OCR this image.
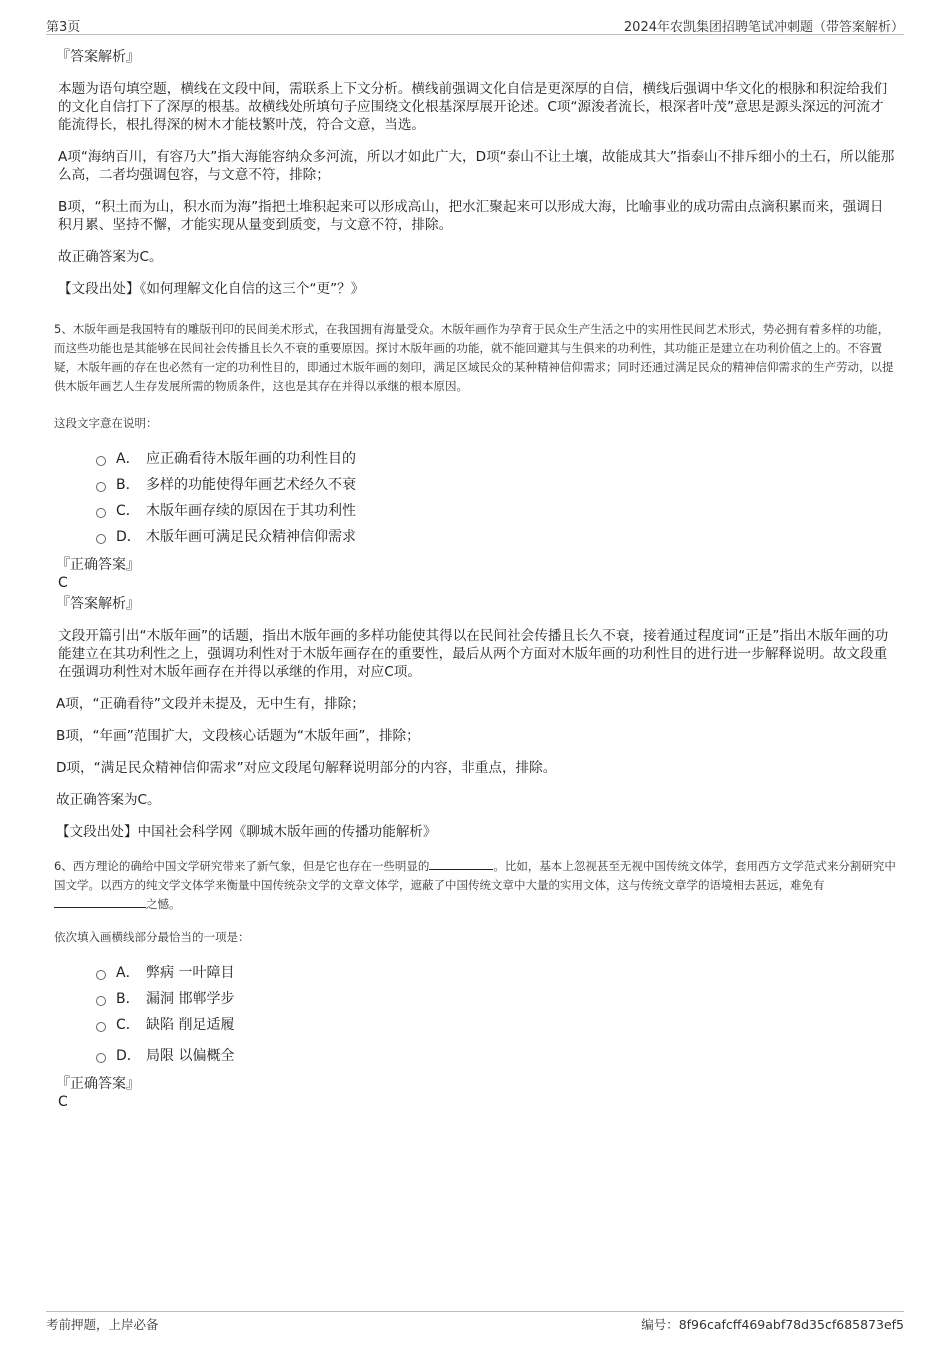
第3页	2024年农凯集团招聘笔试冲刺题（带答案解析）

『答案解析』

本题为语句填空题，横线在文段中间，需联系上下文分析。横线前强调文化自信是更深厚的自信，横线后强调中华文化的根脉和积淀给我们的文化自信打下了深厚的根基。故横线处所填句子应围绕文化根基深厚展开论述。C项“源浚者流长，根深者叶茂”意思是源头深远的河流才能流得长，根扎得深的树木才能枝繁叶茂，符合文意，当选。

A项“海纳百川，有容乃大”指大海能容纳众多河流，所以才如此广大，D项“泰山不让土壤，故能成其大”指泰山不排斥细小的土石，所以能那么高，二者均强调包容，与文意不符，排除；

B项，“积土而为山，积水而为海”指把土堆积起来可以形成高山，把水汇聚起来可以形成大海，比喻事业的成功需由点滴积累而来，强调日积月累、坚持不懈，才能实现从量变到质变，与文意不符，排除。

故正确答案为C。

【文段出处】《如何理解文化自信的这三个“更”？》

5、木版年画是我国特有的雕版刊印的民间美术形式，在我国拥有海量受众。木版年画作为孕育于民众生产生活之中的实用性民间艺术形式，势必拥有着多样的功能，而这些功能也是其能够在民间社会传播且长久不衰的重要原因。探讨木版年画的功能，就不能回避其与生俱来的功利性，其功能正是建立在功利价值之上的。不容置疑，木版年画的存在也必然有一定的功利性目的，即通过木版年画的刻印，满足区域民众的某种精神信仰需求；同时还通过满足民众的精神信仰需求的生产劳动，以提供木版年画艺人生存发展所需的物质条件，这也是其存在并得以承继的根本原因。

这段文字意在说明：

A． 应正确看待木版年画的功利性目的
B． 多样的功能使得年画艺术经久不衰
C． 木版年画存续的原因在于其功利性
D． 木版年画可满足民众精神信仰需求

『正确答案』

C

『答案解析』

文段开篇引出“木版年画”的话题，指出木版年画的多样功能使其得以在民间社会传播且长久不衰，接着通过程度词“正是”指出木版年画的功能建立在其功利性之上，强调功利性对于木版年画存在的重要性，最后从两个方面对木版年画的功利性目的进行进一步解释说明。故文段重在强调功利性对木版年画存在并得以承继的作用，对应C项。

A项，“正确看待”文段并未提及，无中生有，排除；

B项，“年画”范围扩大，文段核心话题为“木版年画”，排除；

D项，“满足民众精神信仰需求”对应文段尾句解释说明部分的内容，非重点，排除。

故正确答案为C。

【文段出处】中国社会科学网《聊城木版年画的传播功能解析》

6、西方理论的确给中国文学研究带来了新气象，但是它也存在一些明显的	。比如，基本上忽视甚至无视中国传统文体学，套用西方文学范式来分割研究中国文学。以西方的纯文学文体学来衡量中国传统杂文学的文章文体学，遮蔽了中国传统文章中大量的实用文体，这与传统文章学的语境相去甚远，难免有之憾。

依次填入画横线部分最恰当的一项是：

A． 弊病 一叶障目
B． 漏洞 邯郸学步
C． 缺陷 削足适履
D． 局限 以偏概全

『正确答案』

C

考前押题，上岸必备	编号：8f96cafcff469abf78d35cf685873ef5
